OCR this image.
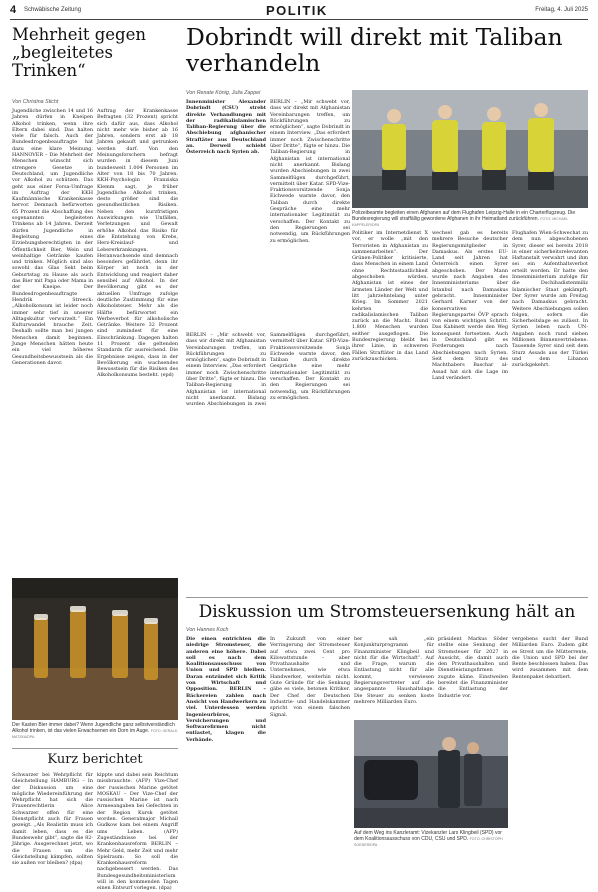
4 Schwäbische Zeitung	POLITIK	Freitag, 4. Juli 2025
Mehrheit gegen „begleitetes Trinken“
Von Christina Sticht
Jugendliche zwischen 14 und 16 Jahren dürfen in Kneipen Alkohol trinken, wenn ihre Eltern dabei sind. Das halten viele für falsch. Auch der Bundesdrogenbeauftragte hat dazu eine klare Meinung. HANNOVER – Die Mehrheit der Menschen wünscht sich strengere Gesetze in Deutschland, um Jugendliche vor Alkohol zu schützen. Das geht aus einer Forsa-Umfrage im Auftrag der KKH Kaufmännische Krankenkasse hervor. Demnach befürworten 65 Prozent die Abschaffung des sogenannten begleiteten Trinkens ab 14 Jahren. Derzeit dürfen Jugendliche in Begleitung eines Erziehungsberechtigten in der Öffentlichkeit Bier, Wein und weinhaltige Getränke kaufen und trinken. Möglich sind also sowohl das Glas Sekt beim Geburtstag zu Hause als auch das Bier mit Papa oder Mama in der Kneipe. Der Bundesdrogenbeauftragte Hendrik Streeck: „Alkoholkonsum ist leider noch immer sehr tief in unserer Alltagskultur verwurzelt.“ Ein Kulturwandel brauche Zeit. Deshalb sollte man bei jungen Menschen damit beginnen. Junge Menschen hätten heute ein viel höheres Gesundheitsbewusstsein als die Generationen davor.
Auftrag der Krankenkasse Befragten (32 Prozent) spricht sich dafür aus, dass Alkohol nicht mehr wie bisher ab 16 Jahren, sondern erst ab 18 Jahren gekauft und getrunken werden darf. Von den Meinungsforschern befragt wurden in diesem Juni bundesweit 1.004 Personen im Alter von 18 bis 70 Jahren. KKH-Psychologin Franziska Klemm sagt, je früher Jugendliche Alkohol trinken, desto größer sind die gesundheitlichen Risiken. Neben den kurzfristigen Auswirkungen wie Unfällen, Verletzungen und Gewalt erhöhe Alkohol das Risiko für die Entstehung von Krebs, Herz-Kreislauf- und Lebererkrankungen. Heranwachsende sind demnach besonders gefährdet, denn ihr Körper ist noch in der Entwicklung und reagiert daher sensibel auf Alkohol. In der Bevölkerung gibt es der aktuellen Umfrage zufolge deutliche Zustimmung für eine Alkoholsteuer. Mehr als die Hälfte befürwortet ein Werbeverbot für alkoholische Getränke. Weitere 32 Prozent sind zumindest für eine Einschränkung. Dagegen halten 11 Prozent die geltenden Standards für ausreichend. Die Ergebnisse zeigen, dass in der Bevölkerung ein wachsendes Bewusstsein für die Risiken des Alkoholkonsums besteht. (epd)
Der Kasten Bier immer dabei? Wenn Jugendliche ganz selbstverständlich Alkohol trinken, ist das vielen Erwachsenen ein Dorn im Auge. FOTO: GERALD MATZKA/DPA
Kurz berichtet
Schwarzer bei Wehrpflicht für Gleichstellung HAMBURG – In der Diskussion um eine mögliche Wiedereinführung der Wehrpflicht hat sich die Frauenrechtlerin Alice Schwarzer offen für eine Dienstpflicht auch für Frauen gezeigt. „Als Realistin muss ich damit leben, dass es die Bundeswehr gibt“, sagte die 82-Jährige. Ausgerechnet jetzt, wo die Frauen um die Gleichstellung kämpfen, sollten sie außen vor bleiben? (dpa)
kippte und dabei sein Reichtum missbrauchte. (AFP) Vize-Chef der russischen Marine getötet MOSKAU – Der Vize-Chef der russischen Marine ist nach Armeeangaben bei Gefechten in der Region Kursk getötet worden. Generalmajor Michail Gudkow kam bei einem Angriff ums Leben. (AFP) Zugeständnisse bei der Krankenhausreform BERLIN – Mehr Geld, mehr Zeit und mehr Spielraum: So soll die Krankenhausreform nachgebessert werden. Das Bundesgesundheitsministerium will in den kommenden Tagen einen Entwurf vorlegen. (dpa)
Dobrindt will direkt mit Taliban verhandeln
Von Renate König, Julia Zappei
Innenminister Alexander Dobrindt (CSU) strebt direkte Verhandlungen mit der radikalislamischen Taliban-Regierung über die Abschiebung afghanischer Straftäter aus Deutschland an. Derweil schiebt Österreich nach Syrien ab.
BERLIN – „Mir schwebt vor, dass wir direkt mit Afghanistan Vereinbarungen treffen, um Rückführungen zu ermöglichen“, sagte Dobrindt in einem Interview. „Das erfordert immer noch Zwischenschritte über Dritte“, fügte er hinzu. Die Taliban-Regierung in Afghanistan ist international nicht anerkannt. Bislang wurden Abschiebungen in zwei Sammelflügen durchgeführt, vermittelt über Katar. SPD-Vize-Fraktionsvorsitzende Sonja Eichwede warnte davor, den Taliban durch direkte Gespräche eine mehr internationaler Legitimität zu verschaffen. Der Kontakt zu den Regierungen sei notwendig, um Rückführungen zu ermöglichen.
Polizeibeamte begleiten einen Afghanen auf dem Flughafen Leipzig-Halle in ein Charterflugzeug. Die Bundesregierung will straffällig gewordene Afghanen in ihr Heimatland zurückführen. FOTO: MICHAEL KAPPELER/DPA
Politiker im Internetdienst X vor, er wolle „mit den Terroristen in Afghanistan zu sammenarbeiten“. Der Grünen-Politiker kritisierte, dass Menschen in einem Land ohne Rechtsstaatlichkeit abgeschoben würden. Afghanistan ist eines der ärmsten Länder der Welt und litt jahrzehntelang unter Krieg. Im Sommer 2021 kehrten die radikalislamischen Taliban zurück an die Macht. Rund 1.800 Menschen wurden seither ausgeflogen. Die Bundesregierung bleibt bei ihrer Linie, in schweren Fällen Straftäter in das Land zurückzuschicken.
wechsel gab es bereits mehrere Besuche deutscher Regierungsmitglieder in Damaskus. Als erstes EU-Land seit Jahren hat Österreich einen Syrer abgeschoben. Der Mann wurde nach Angaben des Innenministeriums über Istanbul nach Damaskus gebracht. Innenminister Gerhard Karner von der konservativen Regierungspartei ÖVP sprach von einem wichtigen Schritt. Das Kabinett werde den Weg konsequent fortsetzen. Auch in Deutschland gibt es Forderungen nach Abschiebungen nach Syrien. Seit dem Sturz des Machthabers Baschar al-Assad hat sich die Lage im Land verändert.
Flughafen Wien-Schwechat zu dem nun abgeschobenen Syrer, dieser sei bereits 2018 in einer sicherheitsrelevanten Haftanstalt verwahrt und ihm sei ein Aufenthaltsverbot erteilt worden. Er hatte den Innenministerium zufolge für die Dschihadistenmiliz Islamischer Staat gekämpft. Der Syrer wurde am Freitag nach Damaskus gebracht. Weitere Abschiebungen sollen folgen, sofern die Sicherheitslage es zulässt. In Syrien leben nach UN-Angaben noch rund sieben Millionen Binnenvertriebene. Tausende Syrer sind seit dem Sturz Assads aus der Türkei und dem Libanon zurückgekehrt.
BERLIN – „Mir schwebt vor, dass wir direkt mit Afghanistan Vereinbarungen treffen, um Rückführungen zu ermöglichen“, sagte Dobrindt in einem Interview. „Das erfordert immer noch Zwischenschritte über Dritte“, fügte er hinzu. Die Taliban-Regierung in Afghanistan ist international nicht anerkannt. Bislang wurden Abschiebungen in zwei Sammelflügen durchgeführt, vermittelt über Katar. SPD-Vize-Fraktionsvorsitzende Sonja Eichwede warnte davor, den Taliban durch direkte Gespräche eine mehr internationaler Legitimität zu verschaffen. Der Kontakt zu den Regierungen sei notwendig, um Rückführungen zu ermöglichen.
Diskussion um Stromsteuersenkung hält an
Von Hannes Koch
Die einen entrichten die niedrige Stromsteuer, die anderen eine höhere. Dabei soll es nach dem Koalitionsausschuss von Union und SPD bleiben. Daran entzündet sich Kritik von Wirtschaft und Opposition. BERLIN – Bäckereien zahlen nach Ansicht von Handwerkern zu viel. Unterdessen werden Ingenieurbüros, Versicherungen und Softwarefirmen nicht entlastet, klagen die Verbände.
In Zukunft von einer Verringerung der Stromsteuer auf etwa zwei Cent pro Kilowattstunde – aber Privathaushalte und Unternehmen, wie etwa Handwerker, weiterhin nicht. Gute Gründe für die Senkung gäbe es viele, betonen Kritiker. Der Chef der Deutschen Industrie- und Handelskammer spricht von einem falschen Signal.
her sah „ein Konjunkturprogramm für Finanzminister Klingbeil und nicht für die Wirtschaft“. Auf die Frage, warum die Entlastung nicht für alle kommt, verwiesen Regierungsvertreter auf die angespannte Haushaltslage. Die Steuer zu senken koste mehrere Milliarden Euro.
präsident Markus Söder stellte eine Senkung der Stromsteuer für 2027 in Aussicht, die damit auch den Privathaushalten und Dienstleistungsfirmen zugute käme. Einstweilen bereitet die Finanzminister die Entlastung der Industrie vor.
vergebens sucht der Bund Milliarden Euro. Zudem gibt es Streit um die Mütterrente, die Union und SPD bei der Rente beschlossen haben. Das wird zusammen mit dem Rentenpaket debattiert.
Auf dem Weg ins Kanzleramt: Vizekanzler Lars Klingbeil (SPD) vor dem Koalitionsausschuss von CDU, CSU und SPD. FOTO: CHRISTOPH SOEDER/DPA
